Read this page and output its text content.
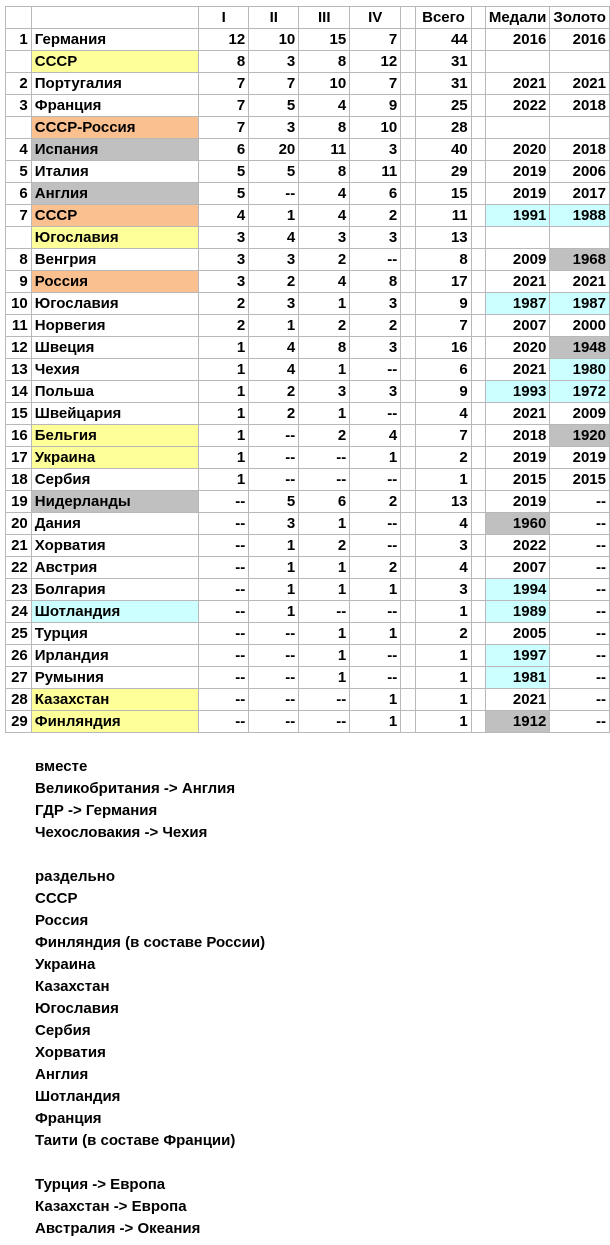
		I	II	III	IV		Всего		Медали	Золото
1	Германия	12	10	15	7		44		2016	2016
	СССР	8	3	8	12		31			
2	Португалия	7	7	10	7		31		2021	2021
3	Франция	7	5	4	9		25		2022	2018
	СССР-Россия	7	3	8	10		28			
4	Испания	6	20	11	3		40		2020	2018
5	Италия	5	5	8	11		29		2019	2006
6	Англия	5	--	4	6		15		2019	2017
7	СССР	4	1	4	2		11		1991	1988
	Югославия	3	4	3	3		13			
8	Венгрия	3	3	2	--		8		2009	1968
9	Россия	3	2	4	8		17		2021	2021
10	Югославия	2	3	1	3		9		1987	1987
11	Норвегия	2	1	2	2		7		2007	2000
12	Швеция	1	4	8	3		16		2020	1948
13	Чехия	1	4	1	--		6		2021	1980
14	Польша	1	2	3	3		9		1993	1972
15	Швейцария	1	2	1	--		4		2021	2009
16	Бельгия	1	--	2	4		7		2018	1920
17	Украина	1	--	--	1		2		2019	2019
18	Сербия	1	--	--	--		1		2015	2015
19	Нидерланды	--	5	6	2		13		2019	--
20	Дания	--	3	1	--		4		1960	--
21	Хорватия	--	1	2	--		3		2022	--
22	Австрия	--	1	1	2		4		2007	--
23	Болгария	--	1	1	1		3		1994	--
24	Шотландия	--	1	--	--		1		1989	--
25	Турция	--	--	1	1		2		2005	--
26	Ирландия	--	--	1	--		1		1997	--
27	Румыния	--	--	1	--		1		1981	--
28	Казахстан	--	--	--	1		1		2021	--
29	Финляндия	--	--	--	1		1		1912	--
вместе
Великобритания -> Англия
ГДР -> Германия
Чехословакия -> Чехия
раздельно
СССР
Россия
Финляндия (в составе России)
Украина
Казахстан
Югославия
Сербия
Хорватия
Англия
Шотландия
Франция
Таити (в составе Франции)
Турция -> Европа
Казахстан -> Европа
Австралия -> Океания
